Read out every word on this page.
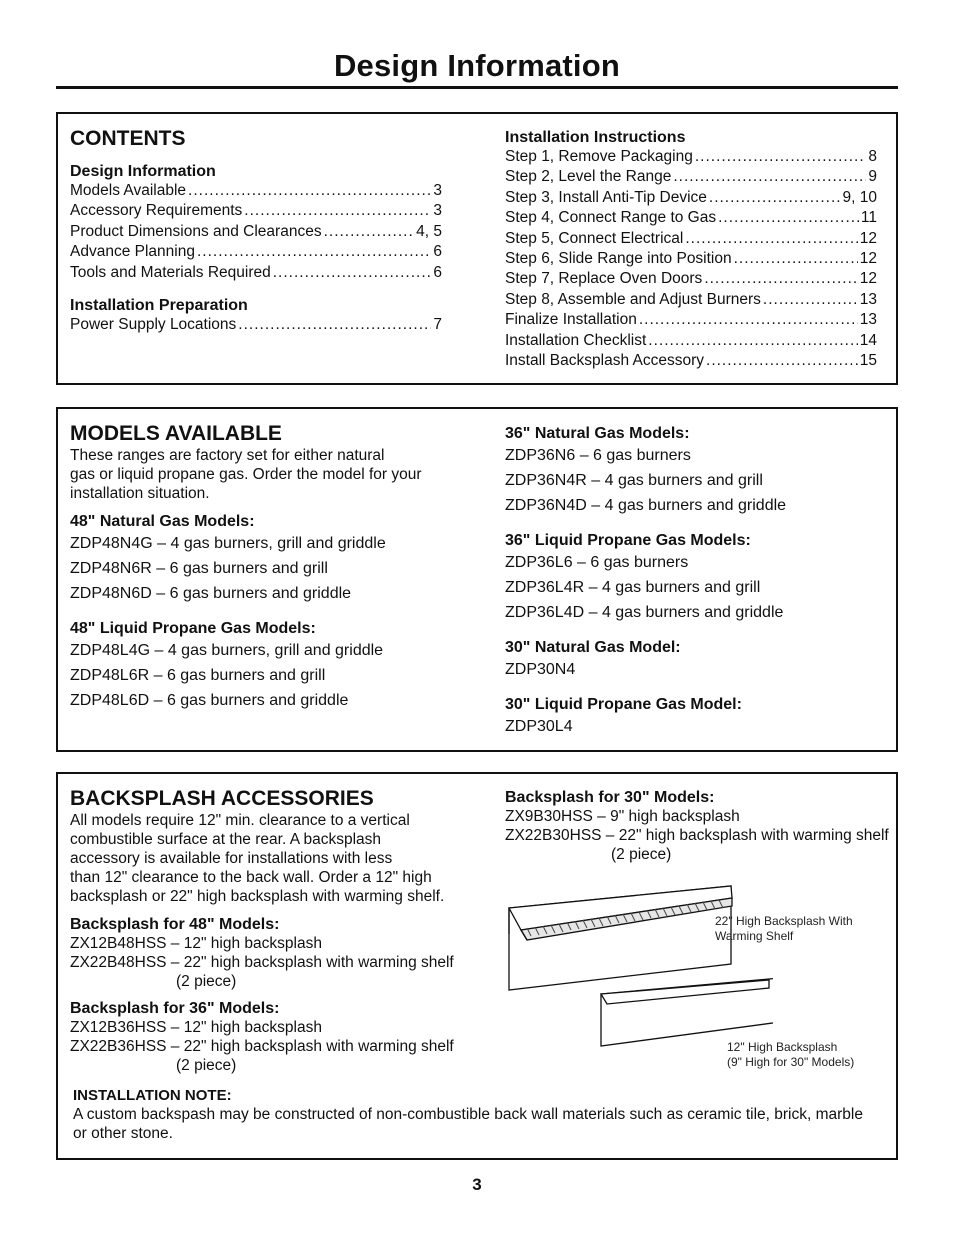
Design Information
CONTENTS
Design Information
Models Available .....	3
Accessory Requirements .....	3
Product Dimensions and Clearances .....	4, 5
Advance Planning .....	6
Tools and Materials Required .....	6
Installation Preparation
Power Supply Locations .....	7
Installation Instructions
Step 1, Remove Packaging .....	8
Step 2, Level the Range .....	9
Step 3, Install Anti-Tip Device .....	9, 10
Step 4, Connect Range to Gas .....	11
Step 5, Connect Electrical .....	12
Step 6, Slide Range into Position .....	12
Step 7, Replace Oven Doors .....	12
Step 8, Assemble and Adjust Burners .....	13
Finalize Installation .....	13
Installation Checklist .....	14
Install Backsplash Accessory .....	15
MODELS AVAILABLE
These ranges are factory set for either natural
gas or liquid propane gas. Order the model for your
installation situation.
48" Natural Gas Models:
ZDP48N4G – 4 gas burners, grill and griddle
ZDP48N6R – 6 gas burners and grill
ZDP48N6D – 6 gas burners and griddle
48" Liquid Propane Gas Models:
ZDP48L4G – 4 gas burners, grill and griddle
ZDP48L6R – 6 gas burners and grill
ZDP48L6D – 6 gas burners and griddle
36" Natural Gas Models:
ZDP36N6 – 6 gas burners
ZDP36N4R – 4 gas burners and grill
ZDP36N4D – 4 gas burners and griddle
36" Liquid Propane Gas Models:
ZDP36L6 – 6 gas burners
ZDP36L4R – 4 gas burners and grill
ZDP36L4D – 4 gas burners and griddle
30" Natural Gas Model:
ZDP30N4
30" Liquid Propane Gas Model:
ZDP30L4
BACKSPLASH ACCESSORIES
All models require 12" min. clearance to a vertical
combustible surface at the rear. A backsplash
accessory is available for installations with less
than 12" clearance to the back wall. Order a 12" high
backsplash or 22" high backsplash with warming shelf.
Backsplash for 48" Models:
ZX12B48HSS – 12" high backsplash
ZX22B48HSS – 22" high backsplash with warming shelf
(2 piece)
Backsplash for 36" Models:
ZX12B36HSS – 12" high backsplash
ZX22B36HSS – 22" high backsplash with warming shelf
(2 piece)
Backsplash for 30" Models:
ZX9B30HSS – 9" high backsplash
ZX22B30HSS – 22" high backsplash with warming shelf
(2 piece)
22" High Backsplash With
Warming Shelf
12" High Backsplash
(9" High for 30" Models)
INSTALLATION NOTE:
A custom backspash may be constructed of non-combustible back wall materials such as ceramic tile, brick, marble
or other stone.
3
